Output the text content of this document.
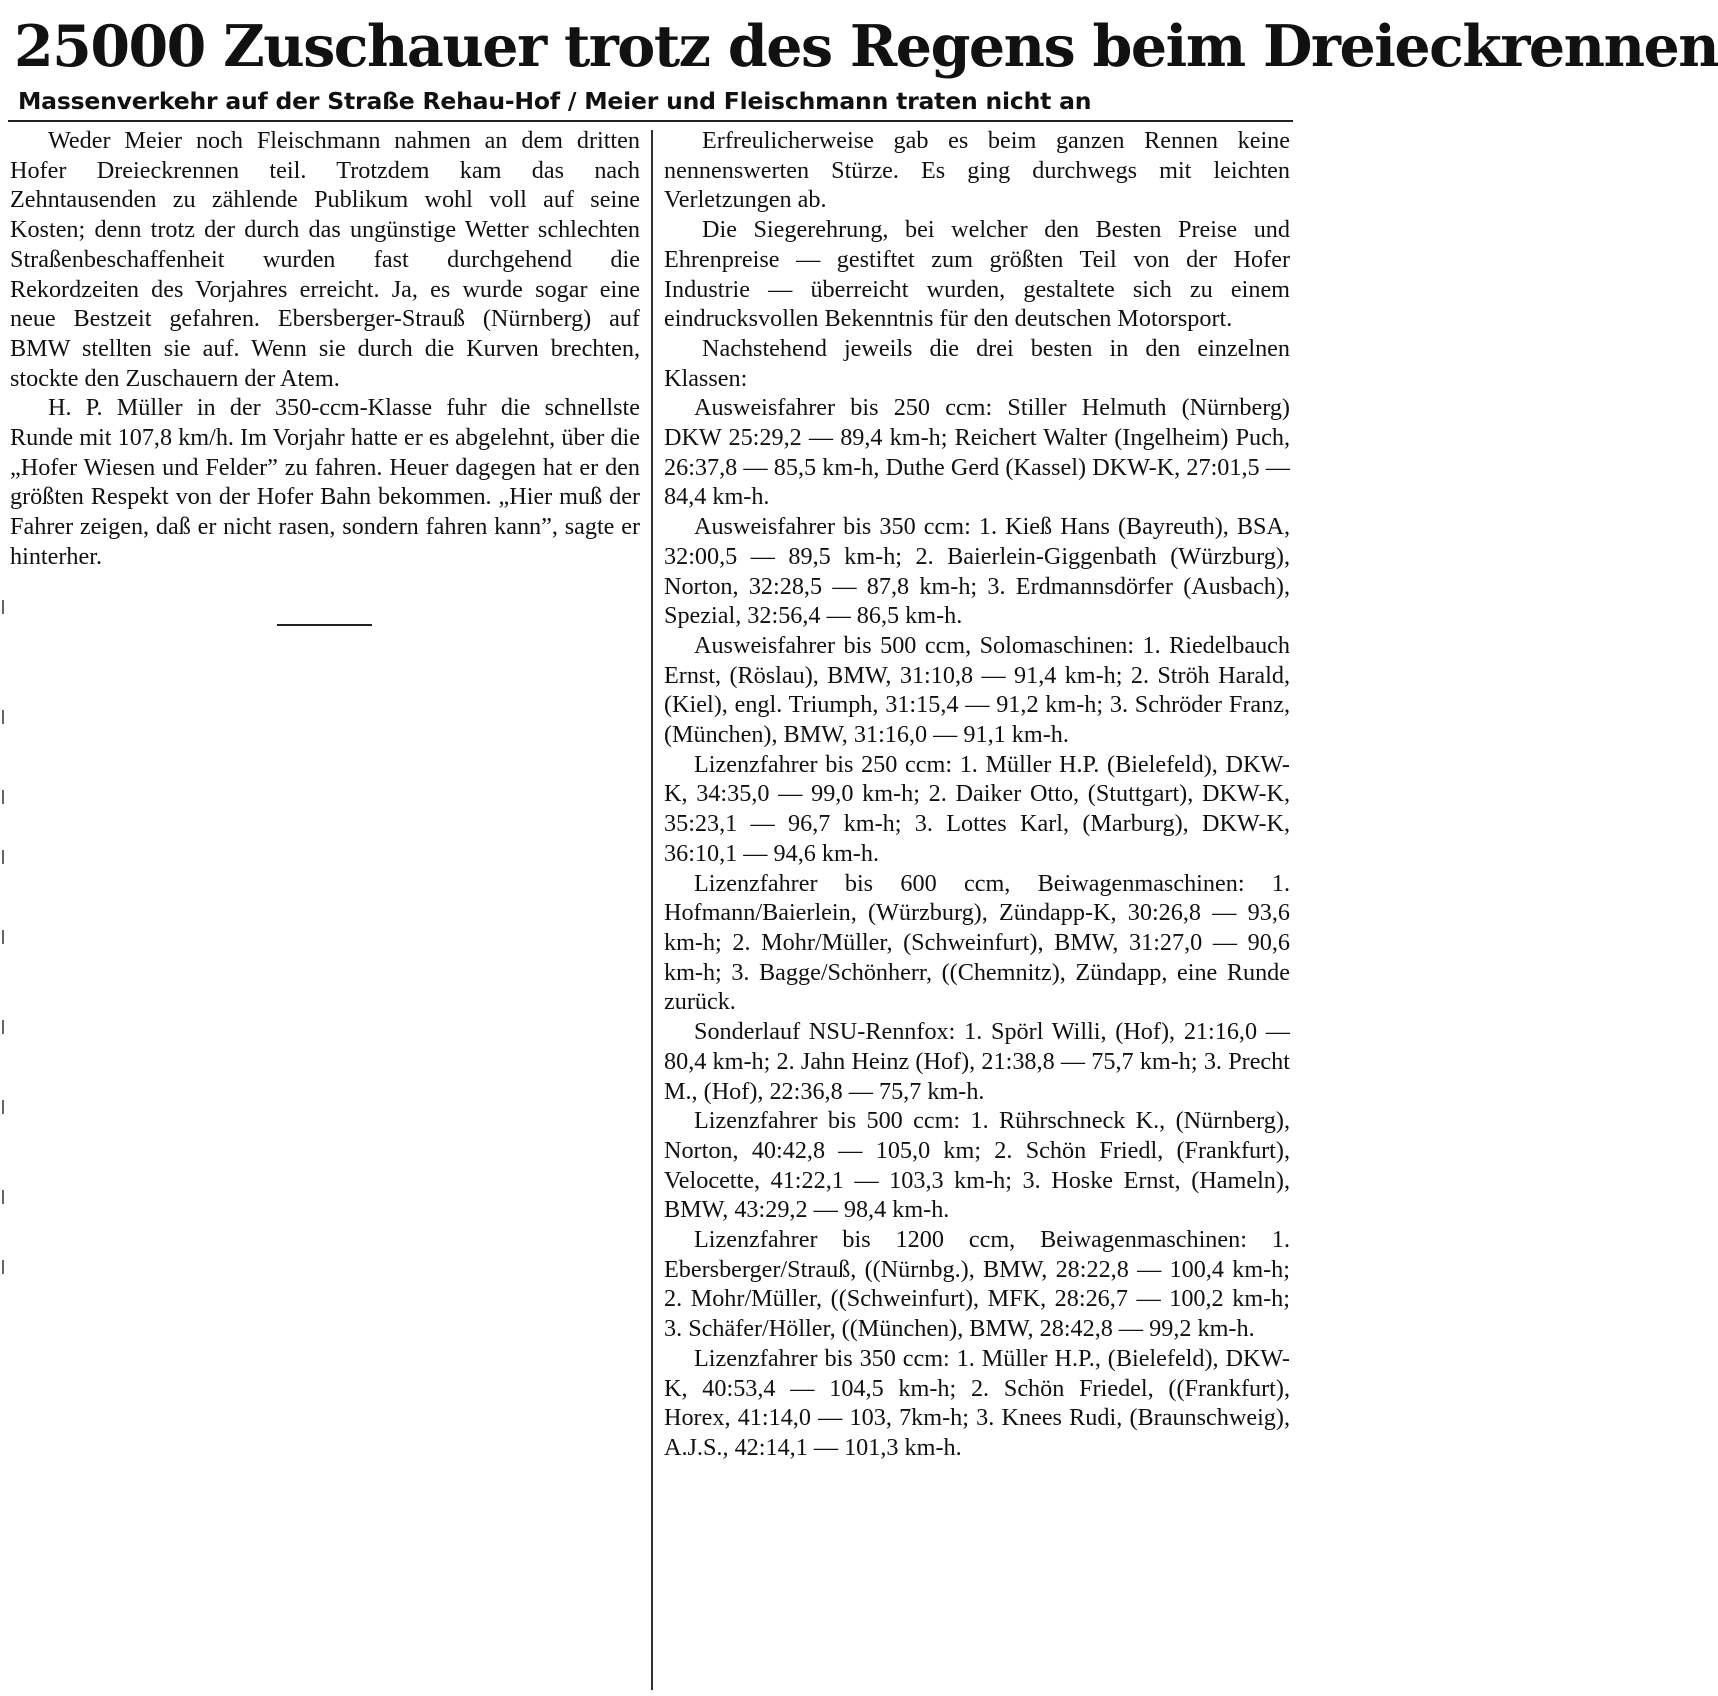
25000 Zuschauer trotz des Regens beim Dreieckrennen
Massenverkehr auf der Straße Rehau-Hof / Meier und Fleischmann traten nicht an

Weder Meier noch Fleischmann nahmen an dem dritten Hofer Dreieckrennen teil. Trotzdem kam das nach Zehntausenden zu zählende Publikum wohl voll auf seine Kosten; denn trotz der durch das ungünstige Wetter schlechten Straßenbeschaffenheit wurden fast durchgehend die Rekordzeiten des Vorjahres erreicht. Ja, es wurde sogar eine neue Bestzeit gefahren. Ebersberger-Strauß (Nürnberg) auf BMW stellten sie auf. Wenn sie durch die Kurven brechten, stockte den Zuschauern der Atem.

H. P. Müller in der 350-ccm-Klasse fuhr die schnellste Runde mit 107,8 km/h. Im Vorjahr hatte er es abgelehnt, über die „Hofer Wiesen und Felder” zu fahren. Heuer dagegen hat er den größten Respekt von der Hofer Bahn bekommen. „Hier muß der Fahrer zeigen, daß er nicht rasen, sondern fahren kann”, sagte er hinterher.

Erfreulicherweise gab es beim ganzen Rennen keine nennenswerten Stürze. Es ging durchwegs mit leichten Verletzungen ab.

Die Siegerehrung, bei welcher den Besten Preise und Ehrenpreise — gestiftet zum größten Teil von der Hofer Industrie — überreicht wurden, gestaltete sich zu einem eindrucksvollen Bekenntnis für den deutschen Motorsport.

Nachstehend jeweils die drei besten in den einzelnen Klassen:

Ausweisfahrer bis 250 ccm: Stiller Helmuth (Nürnberg) DKW 25:29,2 — 89,4 km-h; Reichert Walter (Ingelheim) Puch, 26:37,8 — 85,5 km-h, Duthe Gerd (Kassel) DKW-K, 27:01,5 — 84,4 km-h.

Ausweisfahrer bis 350 ccm: 1. Kieß Hans (Bayreuth), BSA, 32:00,5 — 89,5 km-h; 2. Baierlein-Giggenbath (Würzburg), Norton, 32:28,5 — 87,8 km-h; 3. Erdmannsdörfer (Ausbach), Spezial, 32:56,4 — 86,5 km-h.

Ausweisfahrer bis 500 ccm, Solomaschinen: 1. Riedelbauch Ernst, (Röslau), BMW, 31:10,8 — 91,4 km-h; 2. Ströh Harald, (Kiel), engl. Triumph, 31:15,4 — 91,2 km-h; 3. Schröder Franz, (München), BMW, 31:16,0 — 91,1 km-h.

Lizenzfahrer bis 250 ccm: 1. Müller H.P. (Bielefeld), DKW-K, 34:35,0 — 99,0 km-h; 2. Daiker Otto, (Stuttgart), DKW-K, 35:23,1 — 96,7 km-h; 3. Lottes Karl, (Marburg), DKW-K, 36:10,1 — 94,6 km-h.

Lizenzfahrer bis 600 ccm, Beiwagenmaschinen: 1. Hofmann/Baierlein, (Würzburg), Zündapp-K, 30:26,8 — 93,6 km-h; 2. Mohr/Müller, (Schweinfurt), BMW, 31:27,0 — 90,6 km-h; 3. Bagge/Schönherr, ((Chemnitz), Zündapp, eine Runde zurück.

Sonderlauf NSU-Rennfox: 1. Spörl Willi, (Hof), 21:16,0 — 80,4 km-h; 2. Jahn Heinz (Hof), 21:38,8 — 75,7 km-h; 3. Precht M., (Hof), 22:36,8 — 75,7 km-h.

Lizenzfahrer bis 500 ccm: 1. Rührschneck K., (Nürnberg), Norton, 40:42,8 — 105,0 km; 2. Schön Friedl, (Frankfurt), Velocette, 41:22,1 — 103,3 km-h; 3. Hoske Ernst, (Hameln), BMW, 43:29,2 — 98,4 km-h.

Lizenzfahrer bis 1200 ccm, Beiwagenmaschinen: 1. Ebersberger/Strauß, ((Nürnbg.), BMW, 28:22,8 — 100,4 km-h; 2. Mohr/Müller, ((Schweinfurt), MFK, 28:26,7 — 100,2 km-h; 3. Schäfer/Höller, ((München), BMW, 28:42,8 — 99,2 km-h.

Lizenzfahrer bis 350 ccm: 1. Müller H.P., (Bielefeld), DKW-K, 40:53,4 — 104,5 km-h; 2. Schön Friedel, ((Frankfurt), Horex, 41:14,0 — 103, 7km-h; 3. Knees Rudi, (Braunschweig), A.J.S., 42:14,1 — 101,3 km-h.
